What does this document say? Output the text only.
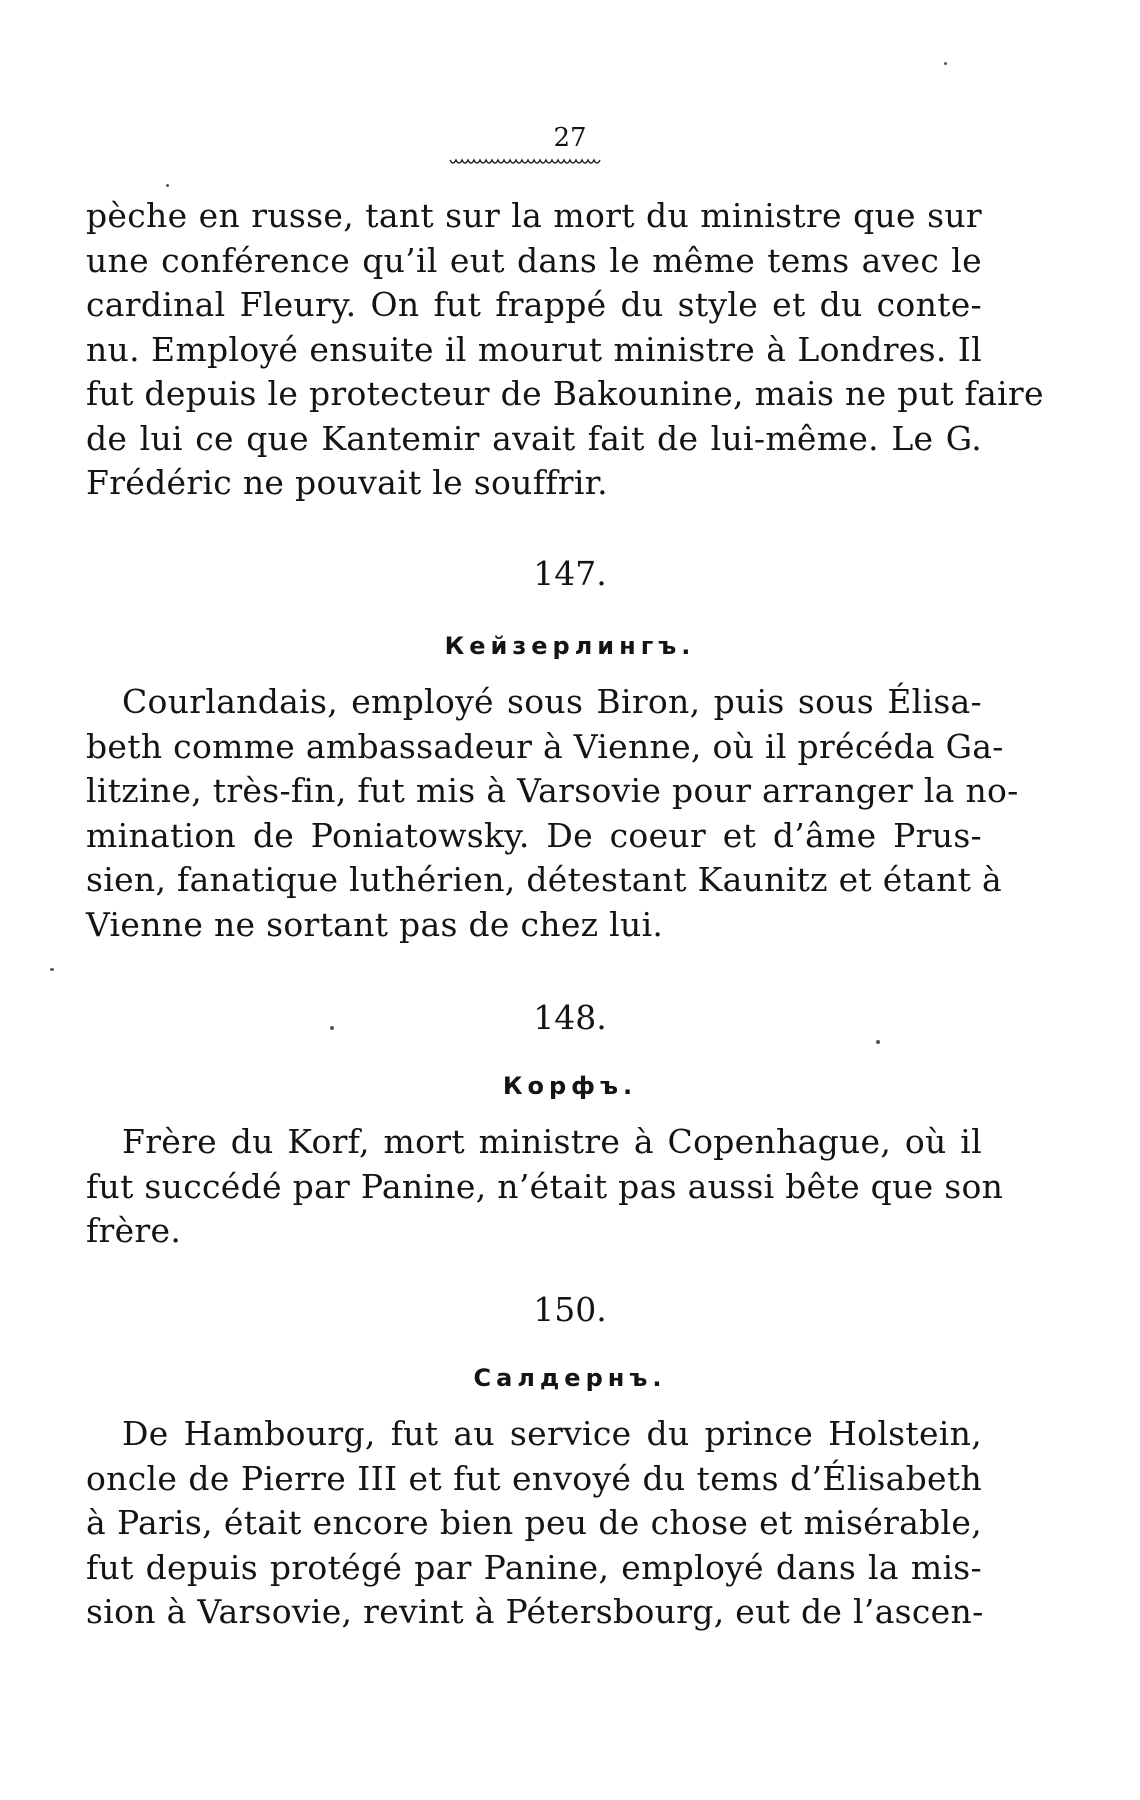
27
pèche en russe, tant sur la mort du ministre que sur
une conférence qu’il eut dans le même tems avec le
cardinal Fleury. On fut frappé du style et du conte-
nu. Employé ensuite il mourut ministre à Londres. Il
fut depuis le protecteur de Bakounine, mais ne put faire
de lui ce que Kantemir avait fait de lui-même. Le G.
Frédéric ne pouvait le souffrir.
147.
Кейзерлингъ.
Courlandais, employé sous Biron, puis sous Élisa-
beth comme ambassadeur à Vienne, où il précéda Ga-
litzine, très-fin, fut mis à Varsovie pour arranger la no-
mination de Poniatowsky. De coeur et d’âme Prus-
sien, fanatique luthérien, détestant Kaunitz et étant à
Vienne ne sortant pas de chez lui.
148.
Корфъ.
Frère du Korf, mort ministre à Copenhague, où il
fut succédé par Panine, n’était pas aussi bête que son
frère.
150.
Салдернъ.
De Hambourg, fut au service du prince Holstein,
oncle de Pierre III et fut envoyé du tems d’Élisabeth
à Paris, était encore bien peu de chose et misérable,
fut depuis protégé par Panine, employé dans la mis-
sion à Varsovie, revint à Pétersbourg, eut de l’ascen-
